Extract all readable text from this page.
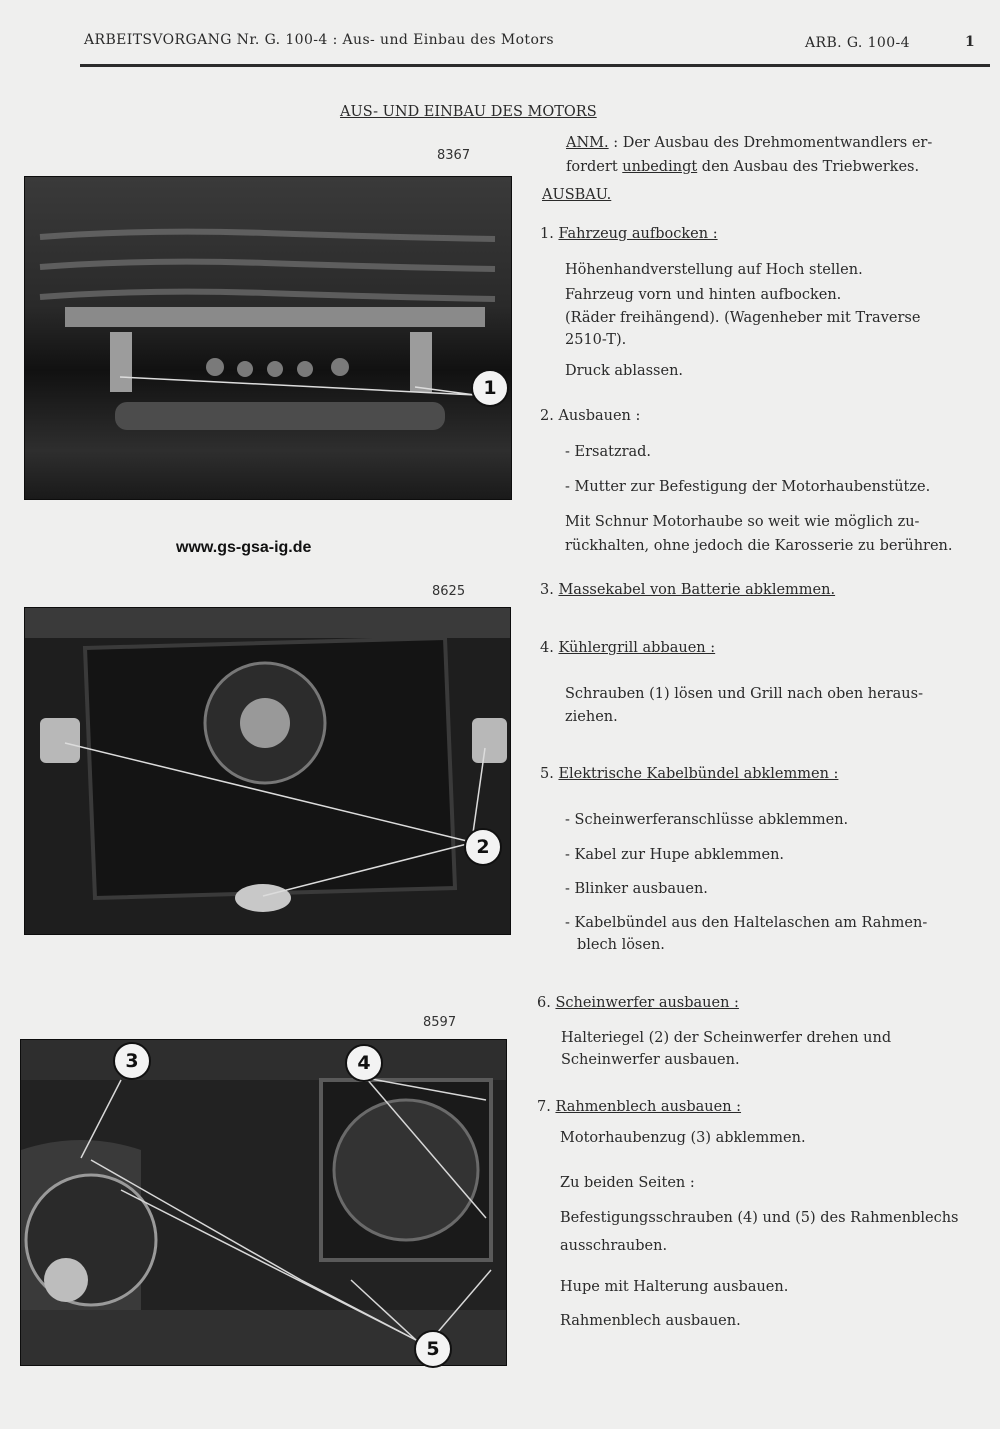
ARBEITSVORGANG Nr. G. 100-4 : Aus- und Einbau des Motors	ARB. G. 100-4	1
AUS- UND EINBAU DES MOTORS
ANM. : Der Ausbau des Drehmomentwandlers er-
fordert unbedingt den Ausbau des Triebwerkes.
AUSBAU.
8367
1
www.gs-gsa-ig.de
8625
2
8597
3	4
5
1. Fahrzeug aufbocken :
Höhenhandverstellung auf Hoch stellen.
Fahrzeug vorn und hinten aufbocken.
(Räder freihängend). (Wagenheber mit Traverse
2510-T).
Druck ablassen.
2. Ausbauen :
- Ersatzrad.
- Mutter zur Befestigung der Motorhaubenstütze.
Mit Schnur Motorhaube so weit wie möglich zu-
rückhalten, ohne jedoch die Karosserie zu berühren.
3. Massekabel von Batterie abklemmen.
4. Kühlergrill abbauen :
Schrauben (1) lösen und Grill nach oben heraus-
ziehen.
5. Elektrische Kabelbündel abklemmen :
- Scheinwerferanschlüsse abklemmen.
- Kabel zur Hupe abklemmen.
- Blinker ausbauen.
- Kabelbündel aus den Haltelaschen am Rahmen-
blech lösen.
6. Scheinwerfer ausbauen :
Halteriegel (2) der Scheinwerfer drehen und
Scheinwerfer ausbauen.
7. Rahmenblech ausbauen :
Motorhaubenzug (3) abklemmen.
Zu beiden Seiten :
Befestigungsschrauben (4) und (5) des Rahmenblechs
ausschrauben.
Hupe mit Halterung ausbauen.
Rahmenblech ausbauen.
